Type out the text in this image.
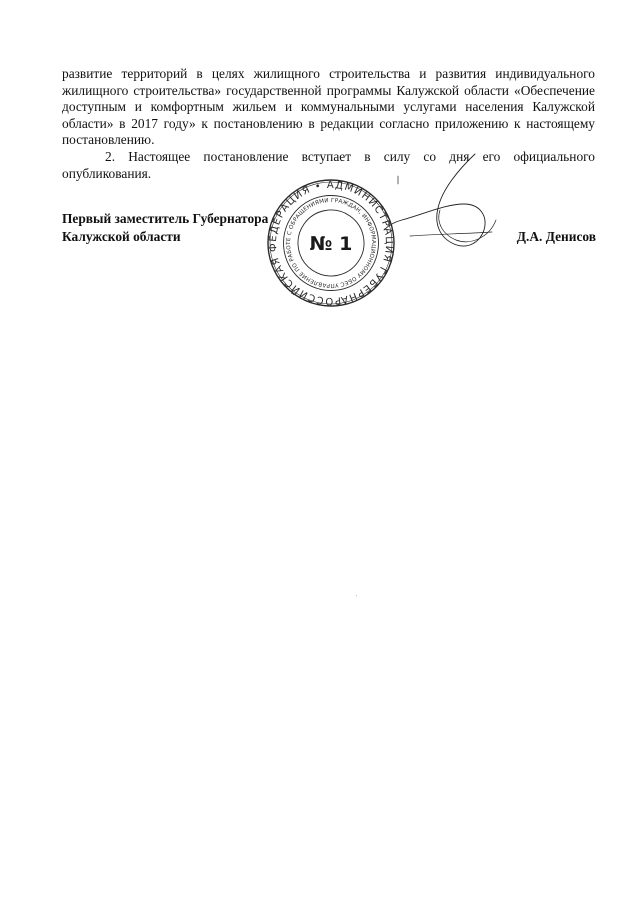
развитие территорий в целях жилищного строительства и развития индивидуального жилищного строительства» государственной программы Калужской области «Обеспечение доступным и комфортным жильем и коммунальными услугами населения Калужской области» в 2017 году» к постановлению в редакции согласно приложению к настоящему постановлению.

2. Настоящее постановление вступает в силу со дня его официального опубликования.

Первый заместитель Губернатора
Калужской области	Д.А. Денисов
РОССИЙСКАЯ ФЕДЕРАЦИЯ • АДМИНИСТРАЦИЯ ГУБЕРНАТОРА
УПРАВЛЕНИЕ ПО РАБОТЕ С ОБРАЩЕНИЯМИ ГРАЖДАН, ИНФОРМАЦИОННОМУ ОБЕСПЕЧЕНИЮ
№ 1
